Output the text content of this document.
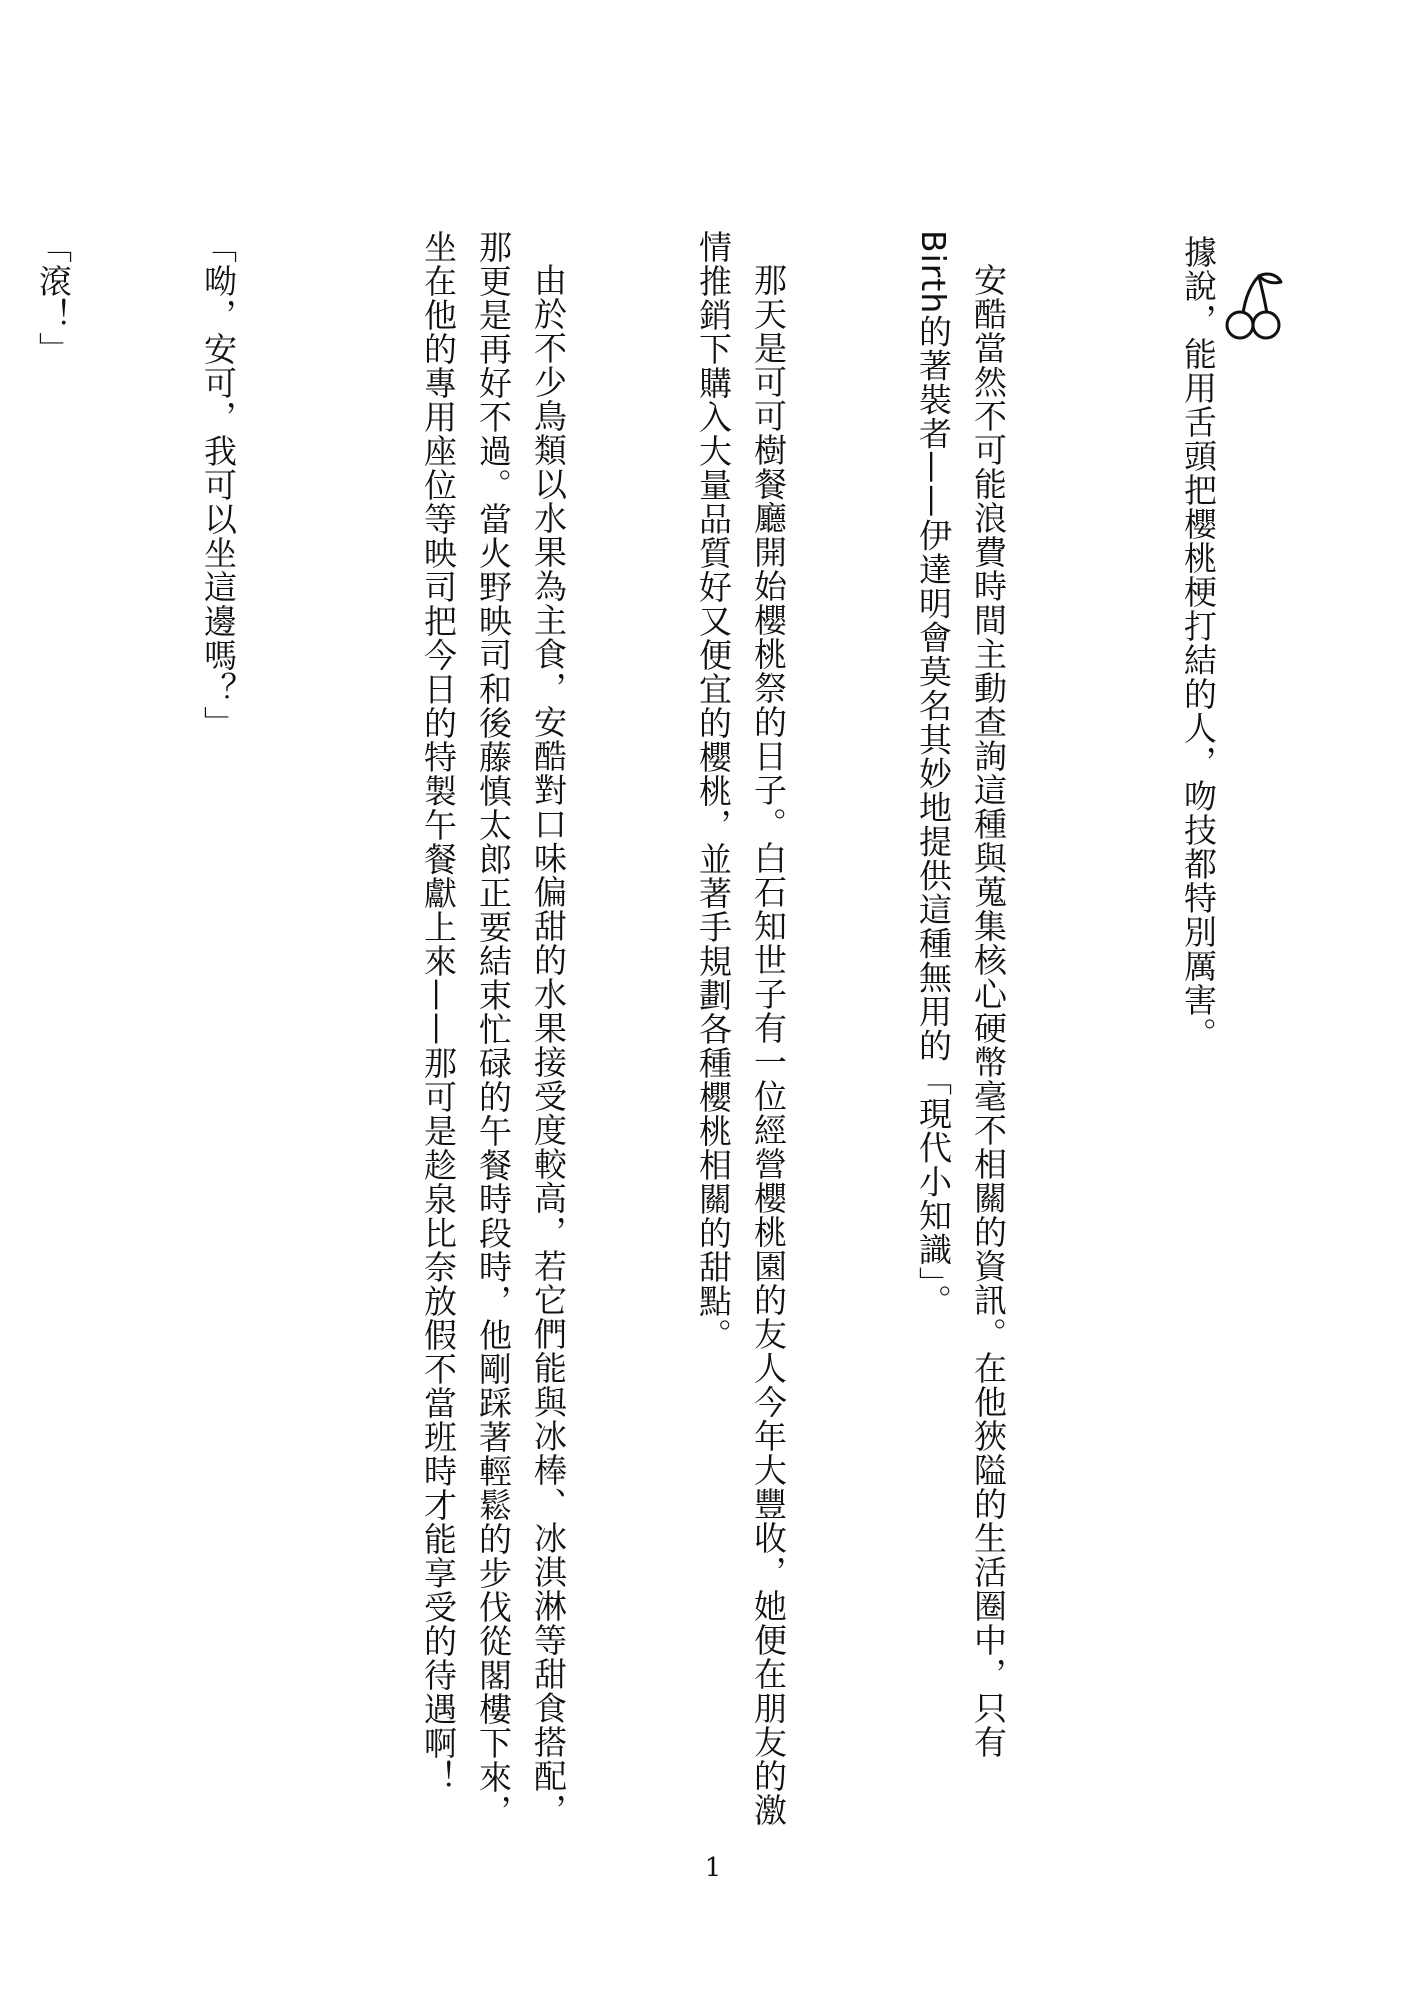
據說，能用舌頭把櫻桃梗打結的人，吻技都特別厲害。

安酷當然不可能浪費時間主動查詢這種與蒐集核心硬幣毫不相關的資訊。在他狹隘的生活圈中，只有Birth的著裝者——伊達明會莫名其妙地提供這種無用的「現代小知識」。

那天是可可樹餐廳開始櫻桃祭的日子。白石知世子有一位經營櫻桃園的友人今年大豐收，她便在朋友的激情推銷下購入大量品質好又便宜的櫻桃，並著手規劃各種櫻桃相關的甜點。

由於不少鳥類以水果為主食，安酷對口味偏甜的水果接受度較高，若它們能與冰棒、冰淇淋等甜食搭配，那更是再好不過。當火野映司和後藤慎太郎正要結束忙碌的午餐時段時，他剛踩著輕鬆的步伐從閣樓下來，坐在他的專用座位等映司把今日的特製午餐獻上來——那可是趁泉比奈放假不當班時才能享受的待遇啊！

「呦，安可，我可以坐這邊嗎？」

「滾！」

1
